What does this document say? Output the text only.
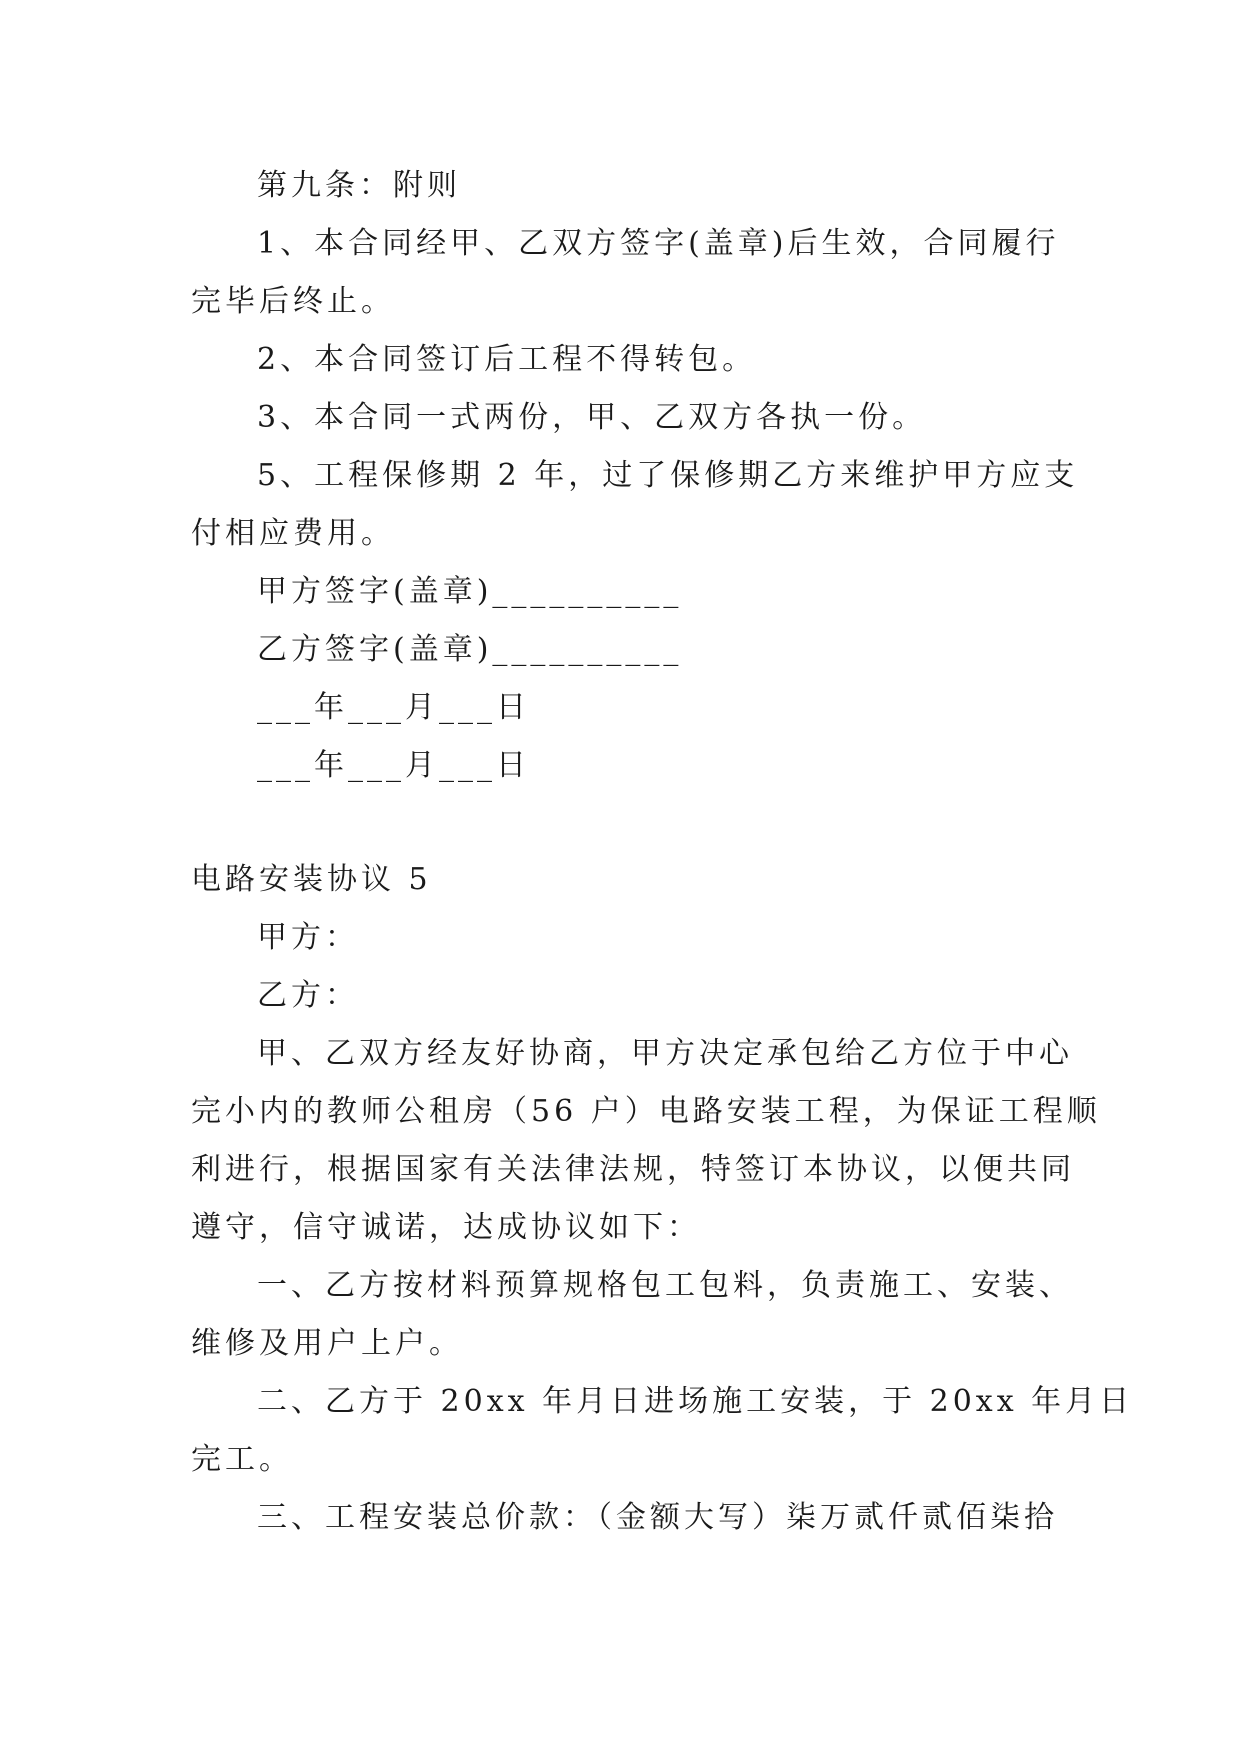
第九条：附则
1、本合同经甲、乙双方签字(盖章)后生效，合同履行
完毕后终止。
2、本合同签订后工程不得转包。
3、本合同一式两份，甲、乙双方各执一份。
5、工程保修期 2 年，过了保修期乙方来维护甲方应支
付相应费用。
甲方签字(盖章)__________
乙方签字(盖章)__________
___年___月___日
___年___月___日
电路安装协议 5
甲方：
乙方：
甲、乙双方经友好协商，甲方决定承包给乙方位于中心
完小内的教师公租房（56 户）电路安装工程，为保证工程顺
利进行，根据国家有关法律法规，特签订本协议，以便共同
遵守，信守诚诺，达成协议如下：
一、乙方按材料预算规格包工包料，负责施工、安装、
维修及用户上户。
二、乙方于 20xx 年月日进场施工安装，于 20xx 年月日
完工。
三、工程安装总价款：（金额大写）柒万贰仟贰佰柒拾
